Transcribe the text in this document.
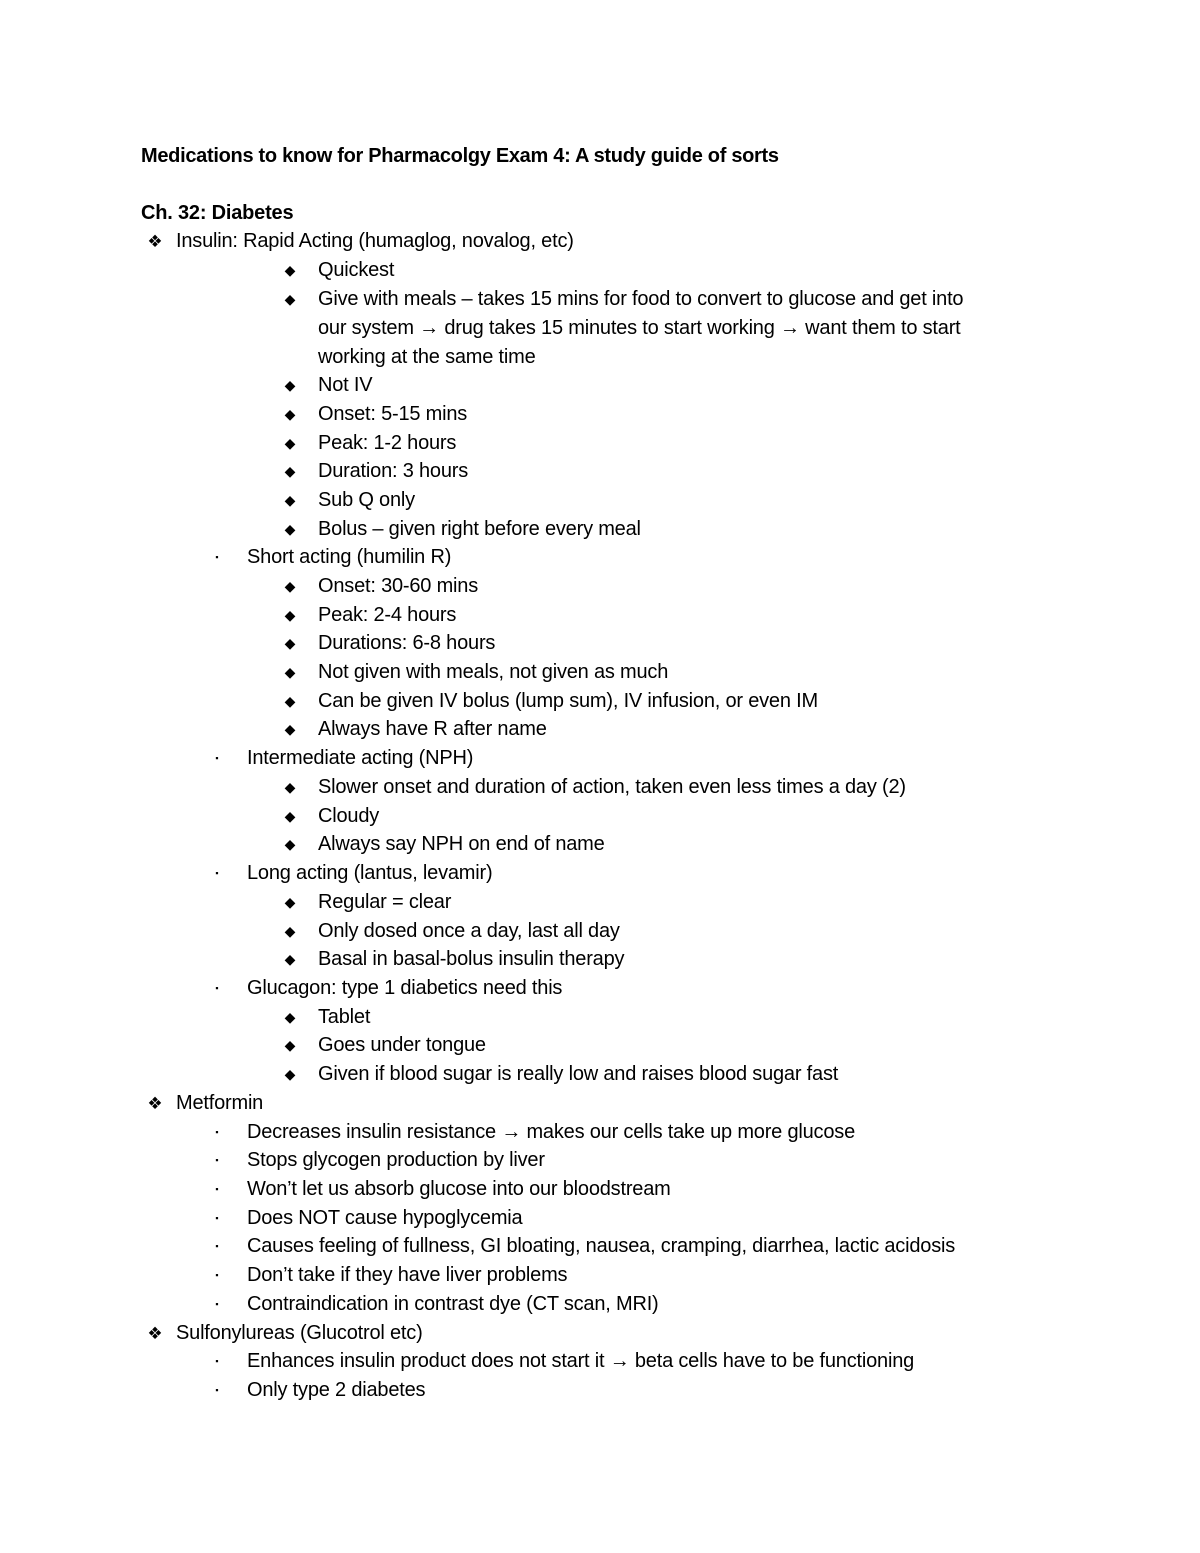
Medications to know for Pharmacolgy Exam 4: A study guide of sorts
Ch. 32: Diabetes
❖ Insulin: Rapid Acting (humaglog, novalog, etc)
◆ Quickest
◆ Give with meals – takes 15 mins for food to convert to glucose and get into
our system → drug takes 15 minutes to start working → want them to start
working at the same time
◆ Not IV
◆ Onset: 5-15 mins
◆ Peak: 1-2 hours
◆ Duration: 3 hours
◆ Sub Q only
◆ Bolus – given right before every meal
▪ Short acting (humilin R)
◆ Onset: 30-60 mins
◆ Peak: 2-4 hours
◆ Durations: 6-8 hours
◆ Not given with meals, not given as much
◆ Can be given IV bolus (lump sum), IV infusion, or even IM
◆ Always have R after name
▪ Intermediate acting (NPH)
◆ Slower onset and duration of action, taken even less times a day (2)
◆ Cloudy
◆ Always say NPH on end of name
▪ Long acting (lantus, levamir)
◆ Regular = clear
◆ Only dosed once a day, last all day
◆ Basal in basal-bolus insulin therapy
▪ Glucagon: type 1 diabetics need this
◆ Tablet
◆ Goes under tongue
◆ Given if blood sugar is really low and raises blood sugar fast
❖ Metformin
▪ Decreases insulin resistance → makes our cells take up more glucose
▪ Stops glycogen production by liver
▪ Won’t let us absorb glucose into our bloodstream
▪ Does NOT cause hypoglycemia
▪ Causes feeling of fullness, GI bloating, nausea, cramping, diarrhea, lactic acidosis
▪ Don’t take if they have liver problems
▪ Contraindication in contrast dye (CT scan, MRI)
❖ Sulfonylureas (Glucotrol etc)
▪ Enhances insulin product does not start it → beta cells have to be functioning
▪ Only type 2 diabetes
